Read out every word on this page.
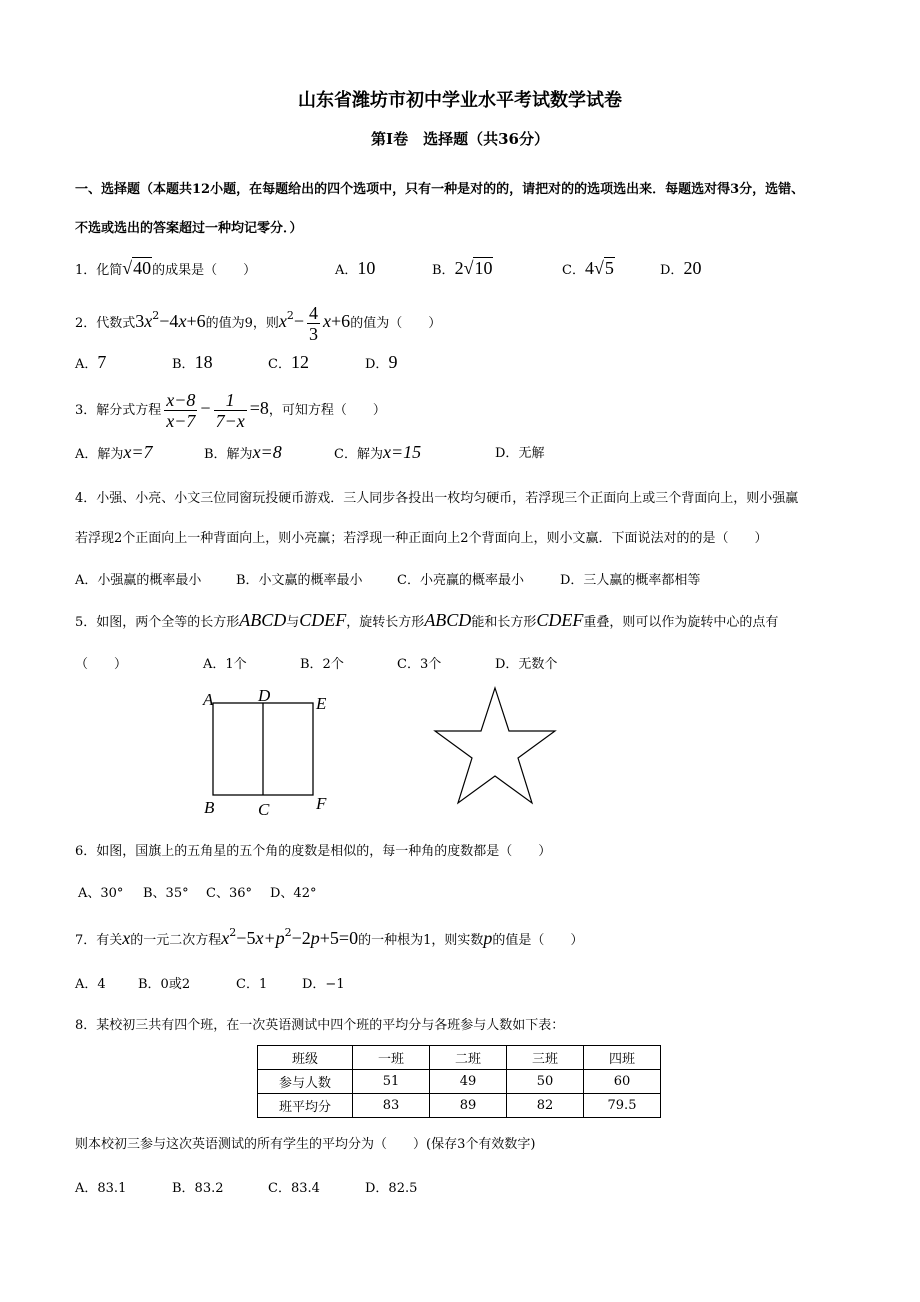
山东省潍坊市初中学业水平考试数学试卷
第Ⅰ卷　选择题（共36分）
一、选择题（本题共12小题，在每题给出的四个选项中，只有一种是对的的，请把对的的选项选出来．每题选对得3分，选错、
不选或选出的答案超过一种均记零分．）
1．化简√40的成果是（　　）	A．10	B．2√10	C．4√5	D．20
2．代数式$3x^2-4x+6$的值为9，则$x^2- \frac{4}{3} x+6$的值为（　　）
A．7	B．18	C．12	D．9
3．解分式方程 $\frac{x-8}{x-7} - \frac{1}{7-x} =8$，可知方程（　　）
A．解为x=7	B．解为x=8	C．解为x=15	D．无解
4．小强、小亮、小文三位同窗玩投硬币游戏．三人同步各投出一枚均匀硬币，若浮现三个正面向上或三个背面向上，则小强赢
若浮现2个正面向上一种背面向上，则小亮赢；若浮现一种正面向上2个背面向上，则小文赢．下面说法对的的是（　　）
A．小强赢的概率最小	B．小文赢的概率最小	C．小亮赢的概率最小	D．三人赢的概率都相等
5．如图，两个全等的长方形ABCD与CDEF，旋转长方形ABCD能和长方形CDEF重叠，则可以作为旋转中心的点有
（　　）	A．1个	B．2个	C．3个	D．无数个
A	D	E
B	C	F
6．如图，国旗上的五角星的五个角的度数是相似的，每一种角的度数都是（　　）
A、30° B、35° C、36° D、42°
7．有关x的一元二次方程$x^2-5x+p^2-2p+5=0$的一种根为1，则实数p的值是（　　）
A．4 B．0或2	C．1	D．−1
8．某校初三共有四个班，在一次英语测试中四个班的平均分与各班参与人数如下表：
班级	一班	二班	三班	四班
参与人数	51	49	50	60
班平均分	83	89	82	79.5
则本校初三参与这次英语测试的所有学生的平均分为（　　）(保存3个有效数字)
A．83.1	B．83.2	C．83.4	D．82.5
